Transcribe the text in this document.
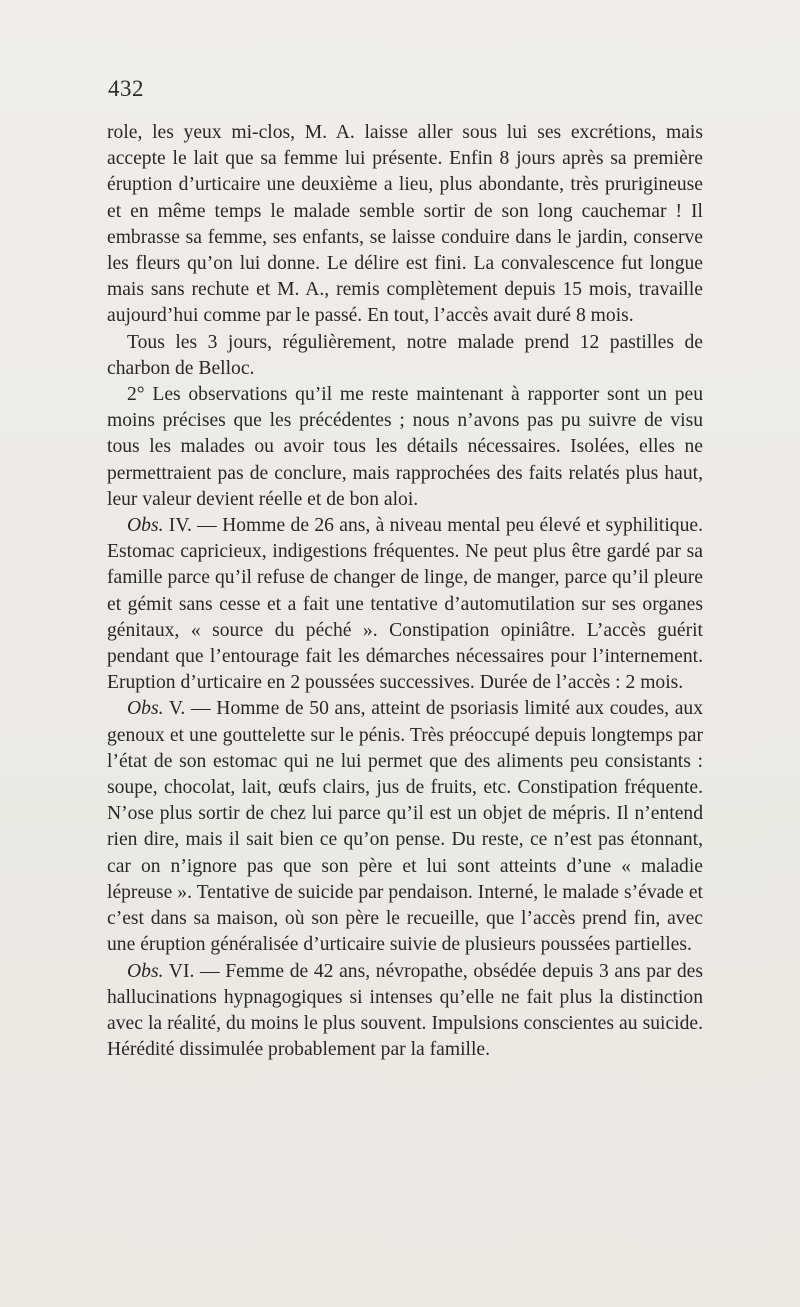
432

role, les yeux mi-clos, M. A. laisse aller sous lui ses excrétions, mais accepte le lait que sa femme lui présente. Enfin 8 jours après sa première éruption d’urticaire une deuxième a lieu, plus abondante, très prurigineuse et en même temps le malade semble sortir de son long cauchemar ! Il embrasse sa femme, ses enfants, se laisse conduire dans le jardin, conserve les fleurs qu’on lui donne. Le délire est fini. La convalescence fut longue mais sans rechute et M. A., remis complètement depuis 15 mois, travaille aujourd’hui comme par le passé. En tout, l’accès avait duré 8 mois.

Tous les 3 jours, régulièrement, notre malade prend 12 pastilles de charbon de Belloc.

2° Les observations qu’il me reste maintenant à rapporter sont un peu moins précises que les précédentes ; nous n’avons pas pu suivre de visu tous les malades ou avoir tous les détails nécessaires. Isolées, elles ne permettraient pas de conclure, mais rapprochées des faits relatés plus haut, leur valeur devient réelle et de bon aloi.

Obs. IV. — Homme de 26 ans, à niveau mental peu élevé et syphilitique. Estomac capricieux, indigestions fréquentes. Ne peut plus être gardé par sa famille parce qu’il refuse de changer de linge, de manger, parce qu’il pleure et gémit sans cesse et a fait une tentative d’automutilation sur ses organes génitaux, « source du péché ». Constipation opiniâtre. L’accès guérit pendant que l’entourage fait les démarches nécessaires pour l’internement. Eruption d’urticaire en 2 poussées successives. Durée de l’accès : 2 mois.

Obs. V. — Homme de 50 ans, atteint de psoriasis limité aux coudes, aux genoux et une gouttelette sur le pénis. Très préoccupé depuis longtemps par l’état de son estomac qui ne lui permet que des aliments peu consistants : soupe, chocolat, lait, œufs clairs, jus de fruits, etc. Constipation fréquente. N’ose plus sortir de chez lui parce qu’il est un objet de mépris. Il n’entend rien dire, mais il sait bien ce qu’on pense. Du reste, ce n’est pas étonnant, car on n’ignore pas que son père et lui sont atteints d’une « maladie lépreuse ». Tentative de suicide par pendaison. Interné, le malade s’évade et c’est dans sa maison, où son père le recueille, que l’accès prend fin, avec une éruption généralisée d’urticaire suivie de plusieurs poussées partielles.

Obs. VI. — Femme de 42 ans, névropathe, obsédée depuis 3 ans par des hallucinations hypnagogiques si intenses qu’elle ne fait plus la distinction avec la réalité, du moins le plus souvent. Impulsions conscientes au suicide. Hérédité dissimulée probablement par la famille.
